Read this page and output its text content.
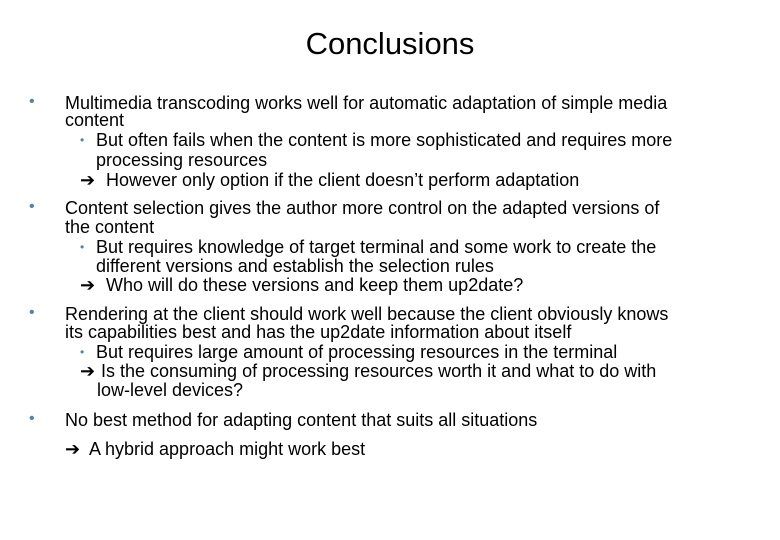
Conclusions
• Multimedia transcoding works well for automatic adaptation of simple media
content
• But often fails when the content is more sophisticated and requires more
processing resources
➔ However only option if the client doesn’t perform adaptation
• Content selection gives the author more control on the adapted versions of
the content
• But requires knowledge of target terminal and some work to create the
different versions and establish the selection rules
➔ Who will do these versions and keep them up2date?
• Rendering at the client should work well because the client obviously knows
its capabilities best and has the up2date information about itself
• But requires large amount of processing resources in the terminal
➔ Is the consuming of processing resources worth it and what to do with
low-level devices?
• No best method for adapting content that suits all situations
➔ A hybrid approach might work best
